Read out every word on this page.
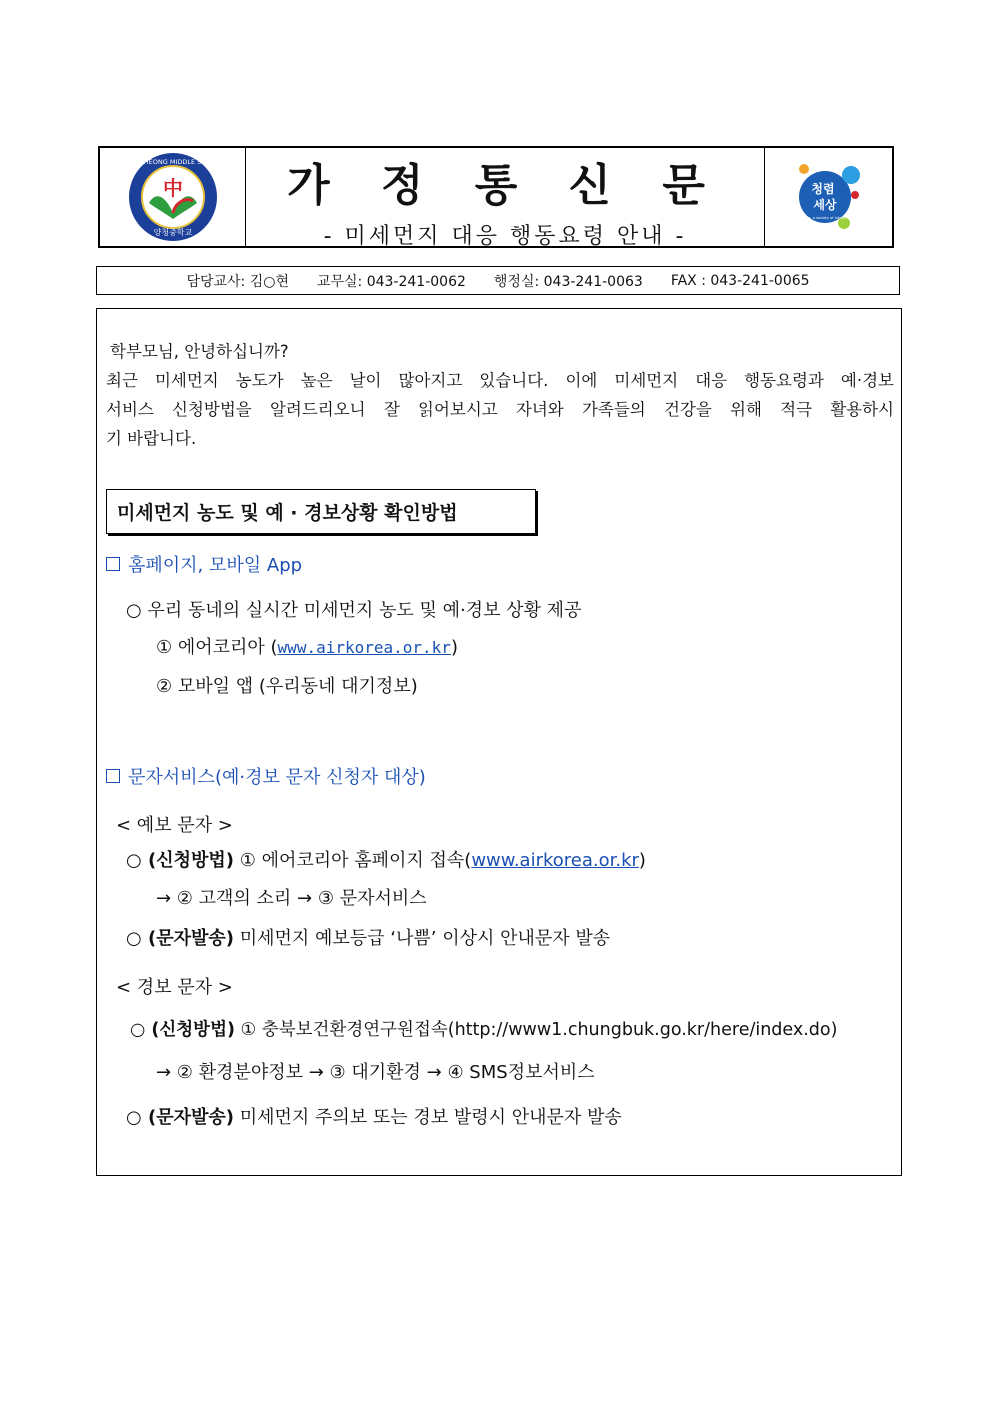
中
양청중학교
YANGCHEONG MIDDLE SCHOOL 가 정 통 신 문
- 미세먼지 대응 행동요령 안내 -
청렴
세상
Korea, a society of integrity
담당교사: 김○현 교무실: 043-241-0062 행정실: 043-241-0063 FAX : 043-241-0065
학부모님, 안녕하십니까?
최근 미세먼지 농도가 높은 날이 많아지고 있습니다. 이에 미세먼지 대응 행동요령과 예·경보
서비스 신청방법을 알려드리오니 잘 읽어보시고 자녀와 가족들의 건강을 위해 적극 활용하시
기 바랍니다.
미세먼지 농도 및 예 · 경보상황 확인방법
홈페이지, 모바일 App
○ 우리 동네의 실시간 미세먼지 농도 및 예·경보 상황 제공
① 에어코리아 (www.airkorea.or.kr)
② 모바일 앱 (우리동네 대기정보)
문자서비스(예·경보 문자 신청자 대상)
< 예보 문자 >
○ (신청방법) ① 에어코리아 홈페이지 접속(www.airkorea.or.kr)
→ ② 고객의 소리 → ③ 문자서비스
○ (문자발송) 미세먼지 예보등급 ‘나쁨’ 이상시 안내문자 발송
< 경보 문자 >
○ (신청방법) ① 충북보건환경연구원접속(http://www1.chungbuk.go.kr/here/index.do)
→ ② 환경분야정보 → ③ 대기환경 → ④ SMS정보서비스
○ (문자발송) 미세먼지 주의보 또는 경보 발령시 안내문자 발송
